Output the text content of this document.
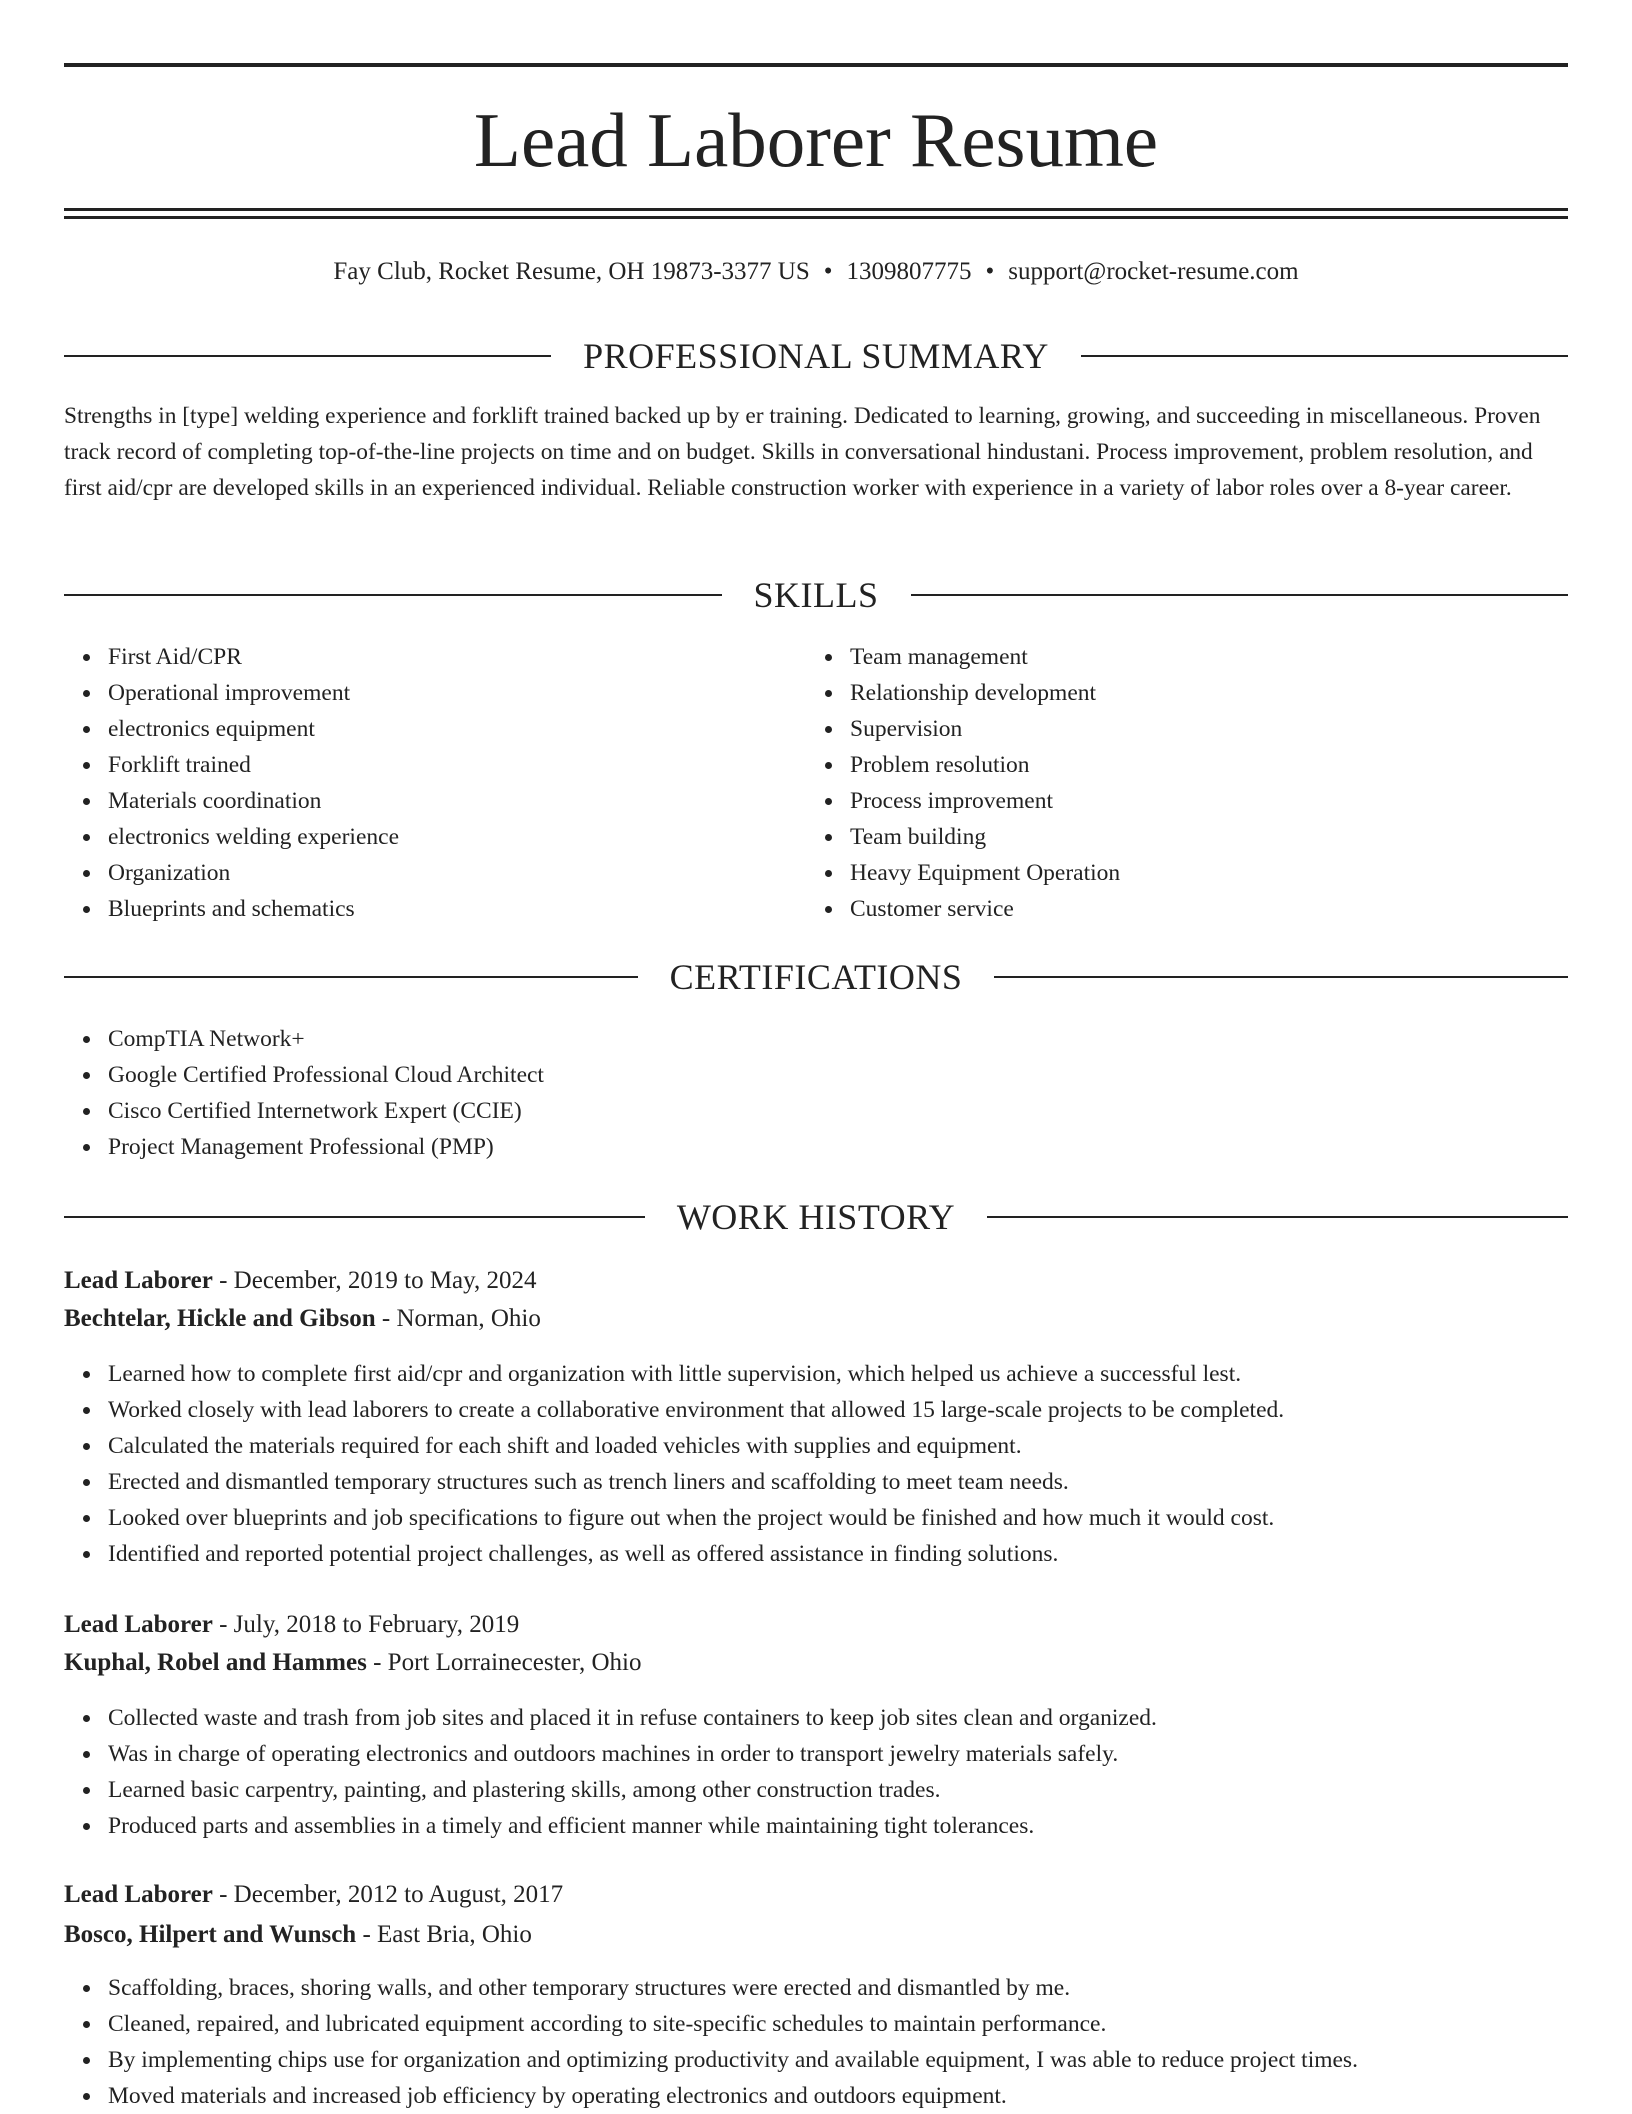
Lead Laborer Resume
Fay Club, Rocket Resume, OH 19873-3377 US • 1309807775 • support@rocket-resume.com
PROFESSIONAL SUMMARY

Strengths in [type] welding experience and forklift trained backed up by er training. Dedicated to learning, growing, and succeeding in miscellaneous. Proven track record of completing top-of-the-line projects on time and on budget. Skills in conversational hindustani. Process improvement, problem resolution, and first aid/cpr are developed skills in an experienced individual. Reliable construction worker with experience in a variety of labor roles over a 8-year career.

SKILLS
First Aid/CPR
Operational improvement
electronics equipment
Forklift trained
Materials coordination
electronics welding experience
Organization
Blueprints and schematics
Team management
Relationship development
Supervision
Problem resolution
Process improvement
Team building
Heavy Equipment Operation
Customer service
CERTIFICATIONS
CompTIA Network+
Google Certified Professional Cloud Architect
Cisco Certified Internetwork Expert (CCIE)
Project Management Professional (PMP)
WORK HISTORY
Lead Laborer - December, 2019 to May, 2024
Bechtelar, Hickle and Gibson - Norman, Ohio
Learned how to complete first aid/cpr and organization with little supervision, which helped us achieve a successful lest.
Worked closely with lead laborers to create a collaborative environment that allowed 15 large-scale projects to be completed.
Calculated the materials required for each shift and loaded vehicles with supplies and equipment.
Erected and dismantled temporary structures such as trench liners and scaffolding to meet team needs.
Looked over blueprints and job specifications to figure out when the project would be finished and how much it would cost.
Identified and reported potential project challenges, as well as offered assistance in finding solutions.
Lead Laborer - July, 2018 to February, 2019
Kuphal, Robel and Hammes - Port Lorrainecester, Ohio
Collected waste and trash from job sites and placed it in refuse containers to keep job sites clean and organized.
Was in charge of operating electronics and outdoors machines in order to transport jewelry materials safely.
Learned basic carpentry, painting, and plastering skills, among other construction trades.
Produced parts and assemblies in a timely and efficient manner while maintaining tight tolerances.
Lead Laborer - December, 2012 to August, 2017
Bosco, Hilpert and Wunsch - East Bria, Ohio
Scaffolding, braces, shoring walls, and other temporary structures were erected and dismantled by me.
Cleaned, repaired, and lubricated equipment according to site-specific schedules to maintain performance.
By implementing chips use for organization and optimizing productivity and available equipment, I was able to reduce project times.
Moved materials and increased job efficiency by operating electronics and outdoors equipment.
